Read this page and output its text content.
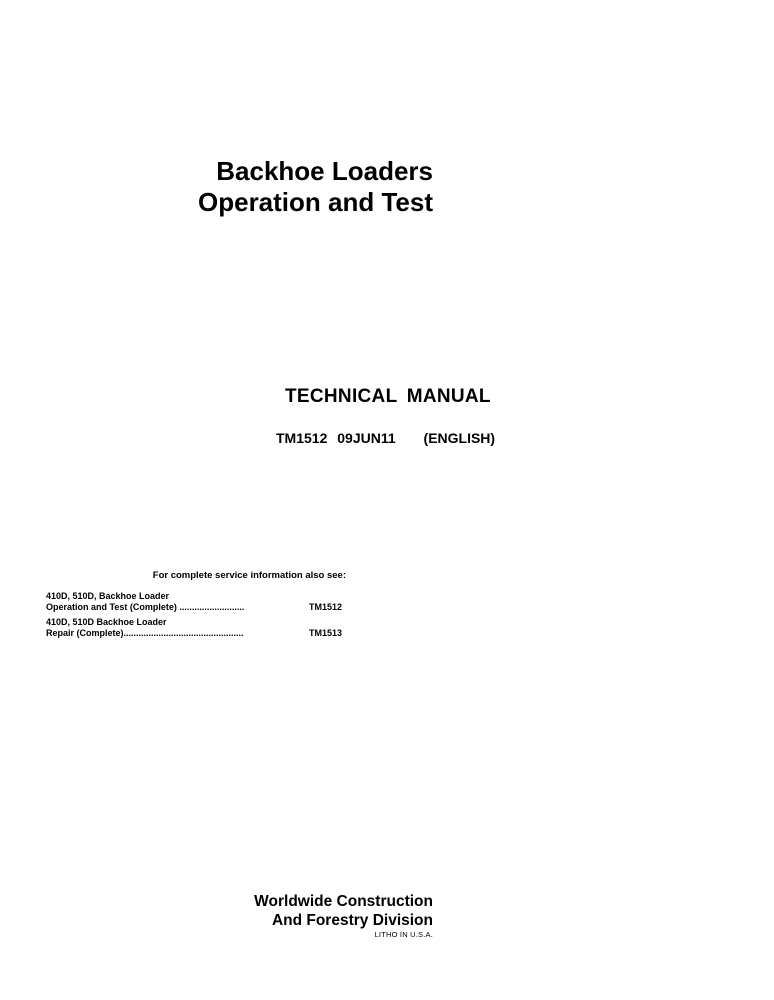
Backhoe Loaders
Operation and Test
TECHNICAL MANUAL
TM1512 09JUN11 (ENGLISH)
For complete service information also see:
410D, 510D, Backhoe Loader
Operation and Test (Complete) ..........................	TM1512
410D, 510D Backhoe Loader
Repair (Complete)................................................	TM1513
Worldwide Construction
And Forestry Division
LITHO IN U.S.A.
